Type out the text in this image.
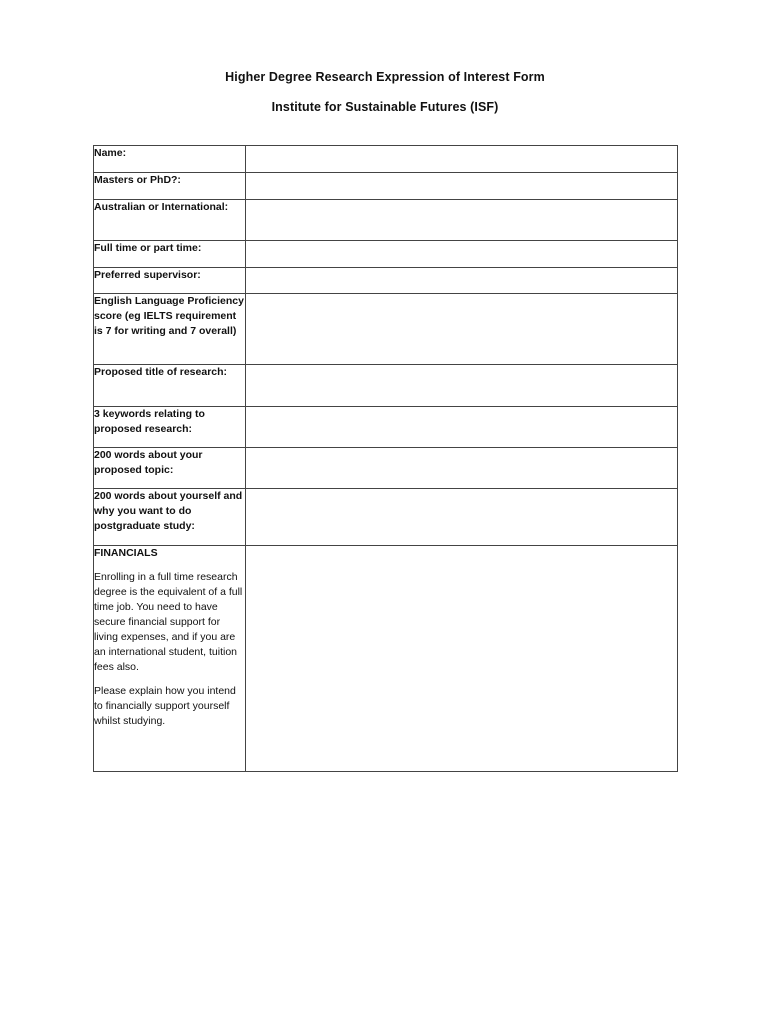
Higher Degree Research Expression of Interest Form
Institute for Sustainable Futures (ISF)
Name:	
Masters or PhD?:	
Australian or International:	
Full time or part time:	
Preferred supervisor:	
English Language Proficiency score (eg IELTS requirement is 7 for writing and 7 overall)	
Proposed title of research:	
3 keywords relating to proposed research:	
200 words about your proposed topic:	
200 words about yourself and why you want to do postgraduate study:	

FINANCIALS
Enrolling in a full time research degree is the equivalent of a full time job. You need to have secure financial support for living expenses, and if you are an international student, tuition fees also.
Please explain how you intend to financially support yourself whilst studying.	
